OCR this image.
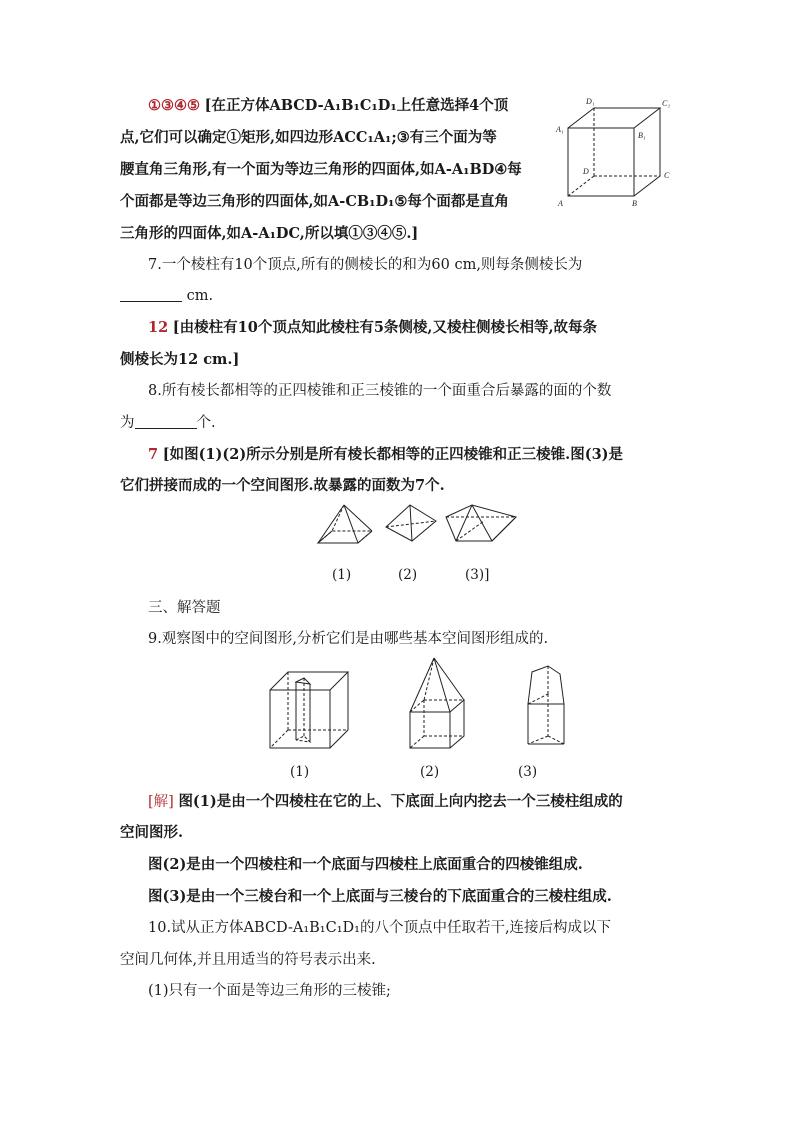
①③④⑤ [在正方体ABCD-A₁B₁C₁D₁上任意选择4个顶
点,它们可以确定①矩形,如四边形ACC₁A₁;③有三个面为等
腰直角三角形,有一个面为等边三角形的四面体,如A-A₁BD④每
个面都是等边三角形的四面体,如A-CB₁D₁⑤每个面都是直角
三角形的四面体,如A-A₁DC,所以填①③④⑤.]
D₁	C₁
A₁
B₁
D	C
A	B
7.一个棱柱有10个顶点,所有的侧棱长的和为60 cm,则每条侧棱长为
cm.
12 [由棱柱有10个顶点知此棱柱有5条侧棱,又棱柱侧棱长相等,故每条
侧棱长为12 cm.]
8.所有棱长都相等的正四棱锥和正三棱锥的一个面重合后暴露的面的个数
为	个.
7 [如图(1)(2)所示分别是所有棱长都相等的正四棱锥和正三棱锥.图(3)是
它们拼接而成的一个空间图形.故暴露的面数为7个.
(1)	(2)	(3)]
三、解答题
9.观察图中的空间图形,分析它们是由哪些基本空间图形组成的.
(1)	(2)	(3)
[解] 图(1)是由一个四棱柱在它的上、下底面上向内挖去一个三棱柱组成的
空间图形.
图(2)是由一个四棱柱和一个底面与四棱柱上底面重合的四棱锥组成.
图(3)是由一个三棱台和一个上底面与三棱台的下底面重合的三棱柱组成.
10.试从正方体ABCD-A₁B₁C₁D₁的八个顶点中任取若干,连接后构成以下
空间几何体,并且用适当的符号表示出来.
(1)只有一个面是等边三角形的三棱锥;
